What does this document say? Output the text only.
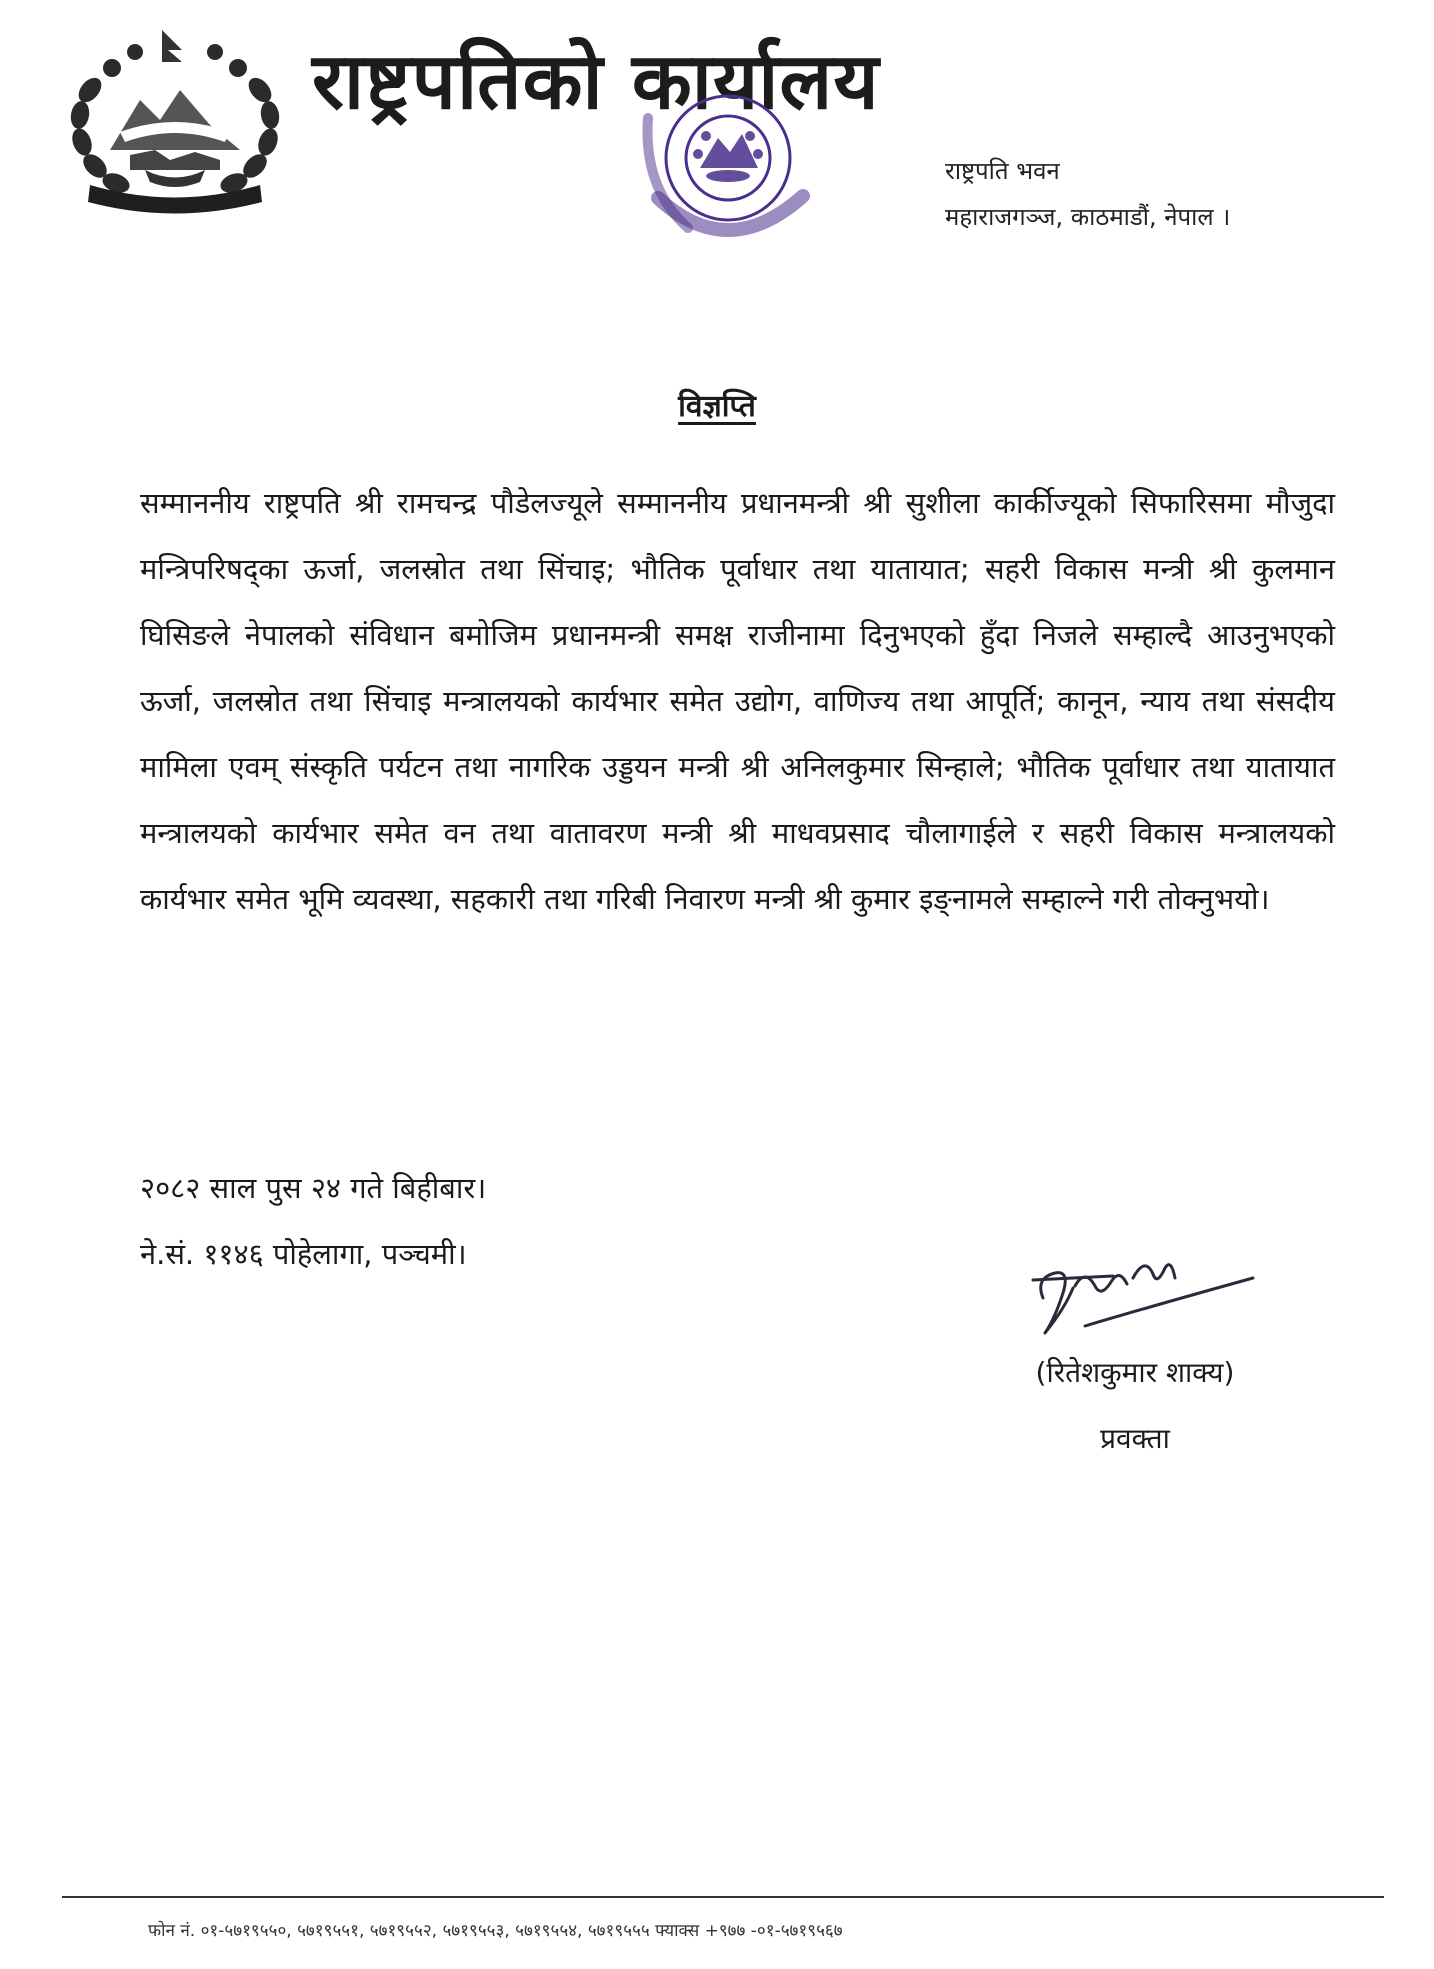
राष्ट्रपतिको कार्यालय
राष्ट्रपति भवन
महाराजगञ्ज, काठमाडौं, नेपाल ।
विज्ञप्ति
सम्माननीय राष्ट्रपति श्री रामचन्द्र पौडेलज्यूले सम्माननीय प्रधानमन्त्री श्री सुशीला कार्कीज्यूको सिफारिसमा मौजुदा मन्त्रिपरिषद्का ऊर्जा, जलस्रोत तथा सिंचाइ; भौतिक पूर्वाधार तथा यातायात; सहरी विकास मन्त्री श्री कुलमान घिसिङले नेपालको संविधान बमोजिम प्रधानमन्त्री समक्ष राजीनामा दिनुभएको हुँदा निजले सम्हाल्दै आउनुभएको ऊर्जा, जलस्रोत तथा सिंचाइ मन्त्रालयको कार्यभार समेत उद्योग, वाणिज्य तथा आपूर्ति; कानून, न्याय तथा संसदीय मामिला एवम् संस्कृति पर्यटन तथा नागरिक उड्डयन मन्त्री श्री अनिलकुमार सिन्हाले; भौतिक पूर्वाधार तथा यातायात मन्त्रालयको कार्यभार समेत वन तथा वातावरण मन्त्री श्री माधवप्रसाद चौलागाईले र सहरी विकास मन्त्रालयको कार्यभार समेत भूमि व्यवस्था, सहकारी तथा गरिबी निवारण मन्त्री श्री कुमार इङ्नामले सम्हाल्ने गरी तोक्नुभयो।
२०८२ साल पुस २४ गते बिहीबार।
ने.सं. ११४६ पोहेलागा, पञ्चमी।
(रितेशकुमार शाक्य)
प्रवक्ता
फोन नं. ०१-५७१९५५०, ५७१९५५१, ५७१९५५२, ५७१९५५३, ५७१९५५४, ५७१९५५५ फ्याक्स +९७७ -०१-५७१९५६७
